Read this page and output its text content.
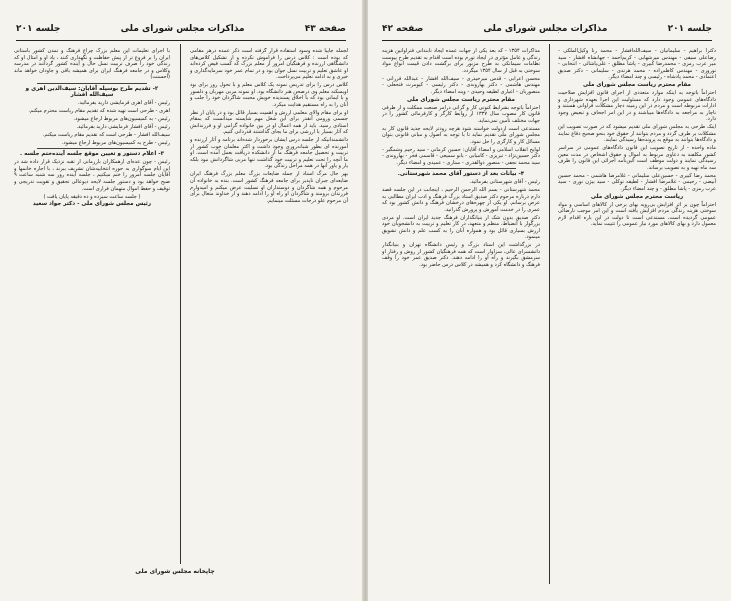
صفحه ۴۳
مذاکرات مجلس شورای ملی
جلسه ۲۰۱

با اجرای تعلیمات این معلم بزرگ چراغ فرهنگ و تمدن کشور باستانی ایران را بر فروغ تر از پیش حفاظت و نگهداری کنند ، یاد او و امثال او که زندگی خود را صرف تربیت نسل حال و آینده کشور گردانند در مدرسه وکلاس و در جامعه فرهنگ ایران برای همیشه باقی و جاودان خواهد ماند (احسنت)

۲- تقدیم طرح بوسیله آقایان: سیف‌الدین اهری و سیف‌الله افشار

رئیس - آقای اهری فرمایشی دارید بفرمائید.

اهری - طرحی است تهیه شده که تقدیم مقام ریاست محترم میکنم.

رئیس - به کمیسیون‌های مربوط ارجاع میشود.

رئیس - آقای افشار فرمایشی دارید بفرمائید.

سیف‌الله افشار - طرحی است که تقدیم مقام ریاست میکنم.

رئیس - طرح به کمیسیون‌های مربوط ارجاع میشود.

۳- اعلام دستور و تعیین موقع جلسه آینده‌ختم جلسه .

رئیس - چون عده‌ای ازهمکاران بارزمانی از تقبه نزدیک قرار داده شد در این ایام سوگواری به حوزه انتخابیه‌شان تشریف ببرند ، با اجازه خانمها و آقایان جلسه امروز را ختم میکنیم ، جلسه آینده روز سه شنبه ساعت ۹ صبح خواهد بود و دستور جلسه لایحه دیوعالی تحقیق و تقویت تدریجی و توقیف و حفظ اموال متهمان فراری است.

( جلسه ساعت سیزده و ده دقیقه پایان یافت )

رئیس مجلس شورای ملی - دکتر جواد سعید

لجمله جایبا شده وسود استفاده قرار گرفته است ذکر عمده درهر مقامی که بوده است : کلاس درس را فراموش نکرده و از تشکیل کلاس‌های دانشگاهی ارزنده و فرهنگیان امروز از معلم بزرگ که کسب فیض کرده‌اند او عاشق تعلیم و تربیت نسل جوان بود و در تمام عمر خود سرمایه‌گذاری و خیری و به ادامه تعلیم می‌پرداخت.

کلاس درس را برای تدریس نمونه یک کلاس معلم و با تحول روز برای بود اویسکنه معلم وی درصحن هنر دانشگاه بود. او نمونه مربی مهربان و دلسوز و با ایمانی بود که با اخلاق پسندیده خویش محبت شاگردان خود را جلب و آنان را به راه مستقیم هدایت میکرد.

او برای مقام والای معلمی ارزش و اهمیت بسیار قائل بود و در پایان از نظر جسمی ورومی آنقدر برای این شغل مهم شایسته میدانست که بمقام استادی رسید. باید از همه اعمال او در بین خانواده گرامی او و فرزندانش که آثار بسیار با ارزشی برای ما بجای گذاشتند قدردانی کنیم.

دانشمندانیکه از جلسه درس ایشان برخوردار شده‌اند برنامه و آثار ارزنده و آموزنده ای بطور شبانه‌روزی وجود داشت و اکثر معلمان خوب کشور از تربیت و تحصیل جامعه فرهنگ ما از دانشکده دریافت بعمل آمده است. او ما آنچه را تحت تعلیم و تربیت خود گذاشت تنها مربی شاگردانش نبود بلکه یار و یاور آنها در همه مراحل زندگی بود.

بهر حال مرگ استاد از جمله ضایعات بزرگ معلم بزرگ فرهنگ ایران ضایعه‌ای جبران ناپذیر برای جامعه فرهنگ کشور است. بنده به خانواده آن مرحوم و همه شاگردان و دوستداران او تسلیت عرض میکنم و امیدوارم فرزندان برومند و شاگردان او راه او را ادامه دهند و از خداوند متعال برای آن مرحوم علو درجات مسئلت مینمایم.

چاپخانه مجلس شورای ملی
جلسه ۲۰۱
مذاکرات مجلس شورای ملی
صفحه ۴۲

مذاکرات ۱۳۵۴ - که بعد یکی از جهات عمده ایجاد تابندانی فنراوانین هزینه زندگی و عامل مؤثری در ایجاد تورم بوده است اقدام به تقدیم طرح پیوست نظامات سیمانکی به طرح مزبور برای برگشت دادن قیمت انواع مواد سوختی به قبل از سال ۱۳۵۴ میگردد.

محسن اعرابی - قدس میرحیدری - سیف‌الله افشار - عبدالله فرزانی - مهندس هاشمی - دکتر بهاروندی - دکتر رئیسی - کیومرث فتحعلی - منصوریان - اعیاری لطیفه وحیدی - وینه امضاء دیگر.

مقام محترم ریاست مجلس شورای ملی

احتراماً باتوجه بشرایط کنونی کار و گرانی درامر صنعت ممکلت و از طرفی قانون کار مصوب سال ۱۳۳۷ از روابط کارگر و کارفرمائی کشور را در جهات مختلف تأمین نمی‌نماید.

مستدعی است ازدولت خواسته شود هرچه زودتر لایحه جدید قانون کار به مجلس شورای ملی تقدیم نماید تا با توجه به اصول و مبانی قانونی بتوان مسائل کار و کارگری را حل نمود.

لوایح انقلاب اسلامی و امضاء آقایان: حسین کرمانی - سید رحیم وشمگیر - دکتر حسین‌نژاد - تبریزی - کامیابی - بانو سمیعی - قاسمی فخر - بهاروندی - سید محمد نجفی - منصور ذوالقدری - ستاری - عمیدی و امضاء دیگر.

۴- بیانات بعد از دستور آقای محمد شهرستانی.

رئیس - آقای شهرستانی بفرمائید.

محمد شهرستانی - بسم الله الرحمن الرحیم ، اینجانب در این جلسه قصد دارم درباره مرحوم دکتر صدیق استاد بزرگ فرهنگ و ادب ایران مطالبی به عرض برسانم. او یکی از چهره‌های درخشان فرهنگ و دانش کشور بود که عمری را در خدمت آموزش و پرورش گذرانید.

دکتر صدیق بدون شک از بنیانگذاران فرهنگ جدید ایران است. او مردی بزرگوار با انضباط، منظم و متعهد، در کار تعلیم و تربیت به دانشجویان خود ارزش بسیاری قائل بود و همواره آنان را به کسب علم و دانش تشویق مینمود.

در بزرگداشت این استاد بزرگ و رئیس دانشگاه تهران و بنیانگذار دانشسرای عالی، سزاوار است که همه فرهنگیان کشور از روش و رفتار او سرمشق بگیرند و راه او را ادامه دهند. دکتر صدیق عمر خود را وقف فرهنگ و دانشگاه کرد و همیشه در کلاس درس حاضر بود.

دکترا براهیم - سلیمانیان - سیف‌الله‌افشار - محمد رنا وکیل‌الملکی - رضاعلی سیفی - مهندس میرشهابی - کریم‌احمد - جهانشاه افشار - سید میر عرب رمزی - محمدرضا کبیری - پاشا مطلق - علی‌پاشائی - انتخابی - نوروزی - مهندس کاظم‌زاده - محمد هرندی - سلیمانی - دکتر صدیق اعتمادی - محمد پادشاه - رئیسی و چند امضاء دیگر.

مقام محترم ریاست مجلس شورای ملی

احتراماً باتوجه به اینکه موارد متعددی از اجرای قانون افزایش صلاحیت دادگاه‌های عمومی وجود دارد که مسئولیت این اجرا بعهده شهرداری و ادارات مربوطه است و مردم در این زمینه دچار مشکلات فراوانی هستند و ناچار به مراجعه به دادگاه‌ها میباشند و در این امر اجحاف و تبعیض وجود دارد.

اینک طرحی به مجلس شورای ملی تقدیم میشود که در صورت تصویب این مشکلات بر طرف گردد و مردم بتوانند از حقوق خود بنحو صحیح دفاع نمایند و دادگاه‌ها بتوانند به موقع به پرونده‌ها رسیدگی نمایند.

ماده واحده - از تاریخ تصویب این قانون دادگاه‌های عمومی در سراسر کشور مکلفند به دعاوی مربوط به اموال و حقوق اشخاص در مدت معین رسیدگی نمایند و دولت موظف است آئین‌نامه اجرائی این قانون را ظرف سه ماه تهیه و به تصویب برساند.

محمد رضا کبیری - حسین‌علی سلیمانی - غلامرضا هاشمی - محمد حسین آبیضی - رحیمی - غلامرضا افشار - لطیفه توکلی - سید بیژن نوری - سید عرب رمزی - پاشا مطلق - و چند امضاء دیگر.

ریاست محترم مجلس شورای ملی

احتراماً چون بر اثر افزایش بی‌رویه بهای برخی از کالاهای اساسی و مواد سوختی هزینه زندگی مردم افزایش یافته است و این امر موجب نارضائی عمومی گردیده است، مستدعی است تا دولت در این باره اقدام لازم معمول دارد و بهای کالاهای مورد نیاز عمومی را تثبیت نماید.
